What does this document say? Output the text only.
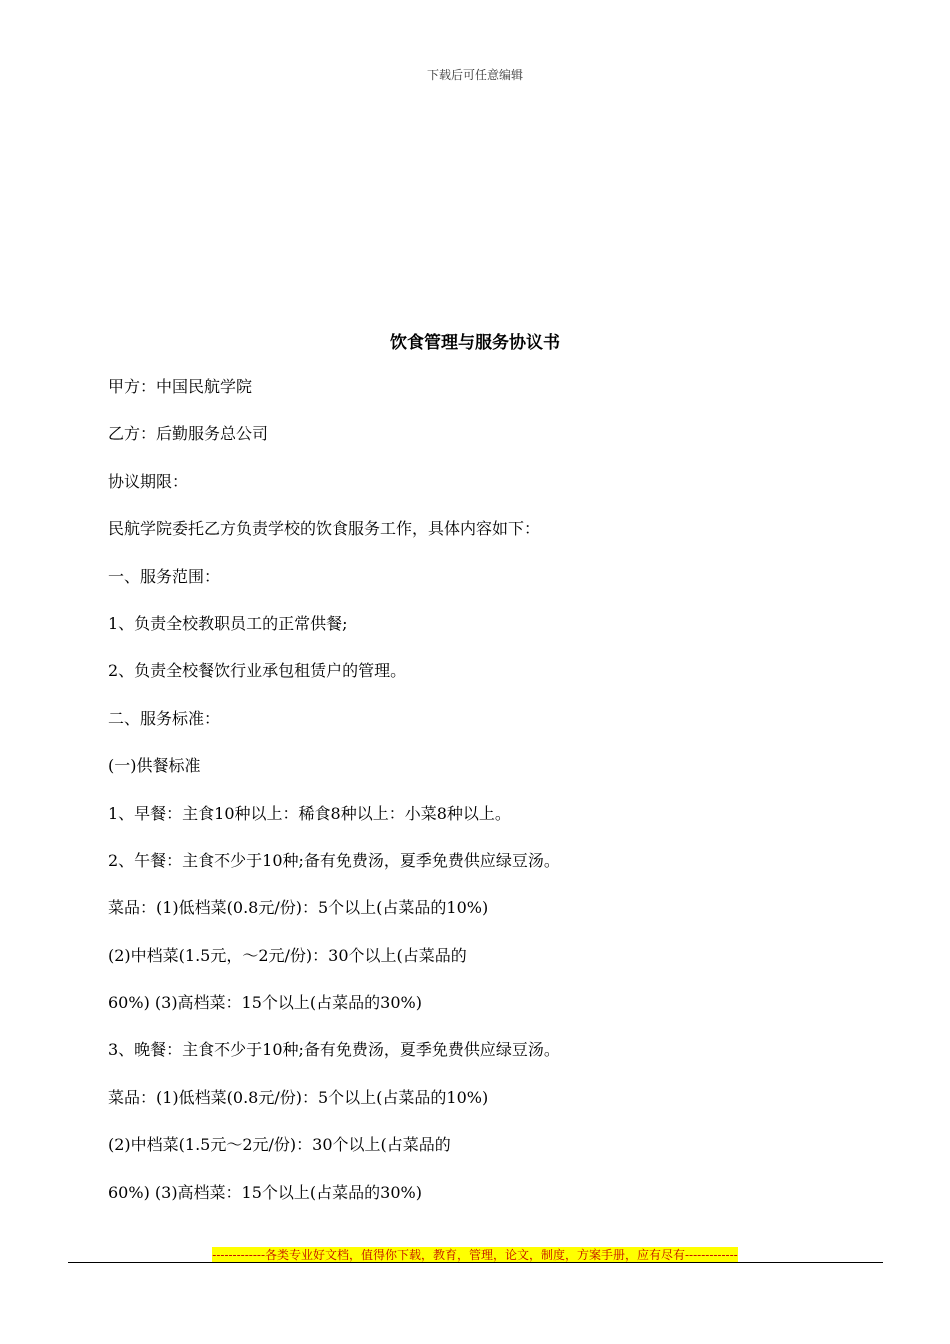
下载后可任意编辑
饮食管理与服务协议书
甲方：中国民航学院
乙方：后勤服务总公司
协议期限：
民航学院委托乙方负责学校的饮食服务工作，具体内容如下：
一、服务范围：
1、负责全校教职员工的正常供餐;
2、负责全校餐饮行业承包租赁户的管理。
二、服务标准：
(一)供餐标准
1、早餐：主食10种以上：稀食8种以上：小菜8种以上。
2、午餐：主食不少于10种;备有免费汤，夏季免费供应绿豆汤。
菜品：(1)低档菜(0.8元/份)：5个以上(占菜品的10%)
(2)中档菜(1.5元，～2元/份)：30个以上(占菜品的
60%) (3)高档菜：15个以上(占菜品的30%)
3、晚餐：主食不少于10种;备有免费汤，夏季免费供应绿豆汤。
菜品：(1)低档菜(0.8元/份)：5个以上(占菜品的10%)
(2)中档菜(1.5元～2元/份)：30个以上(占菜品的
60%) (3)高档菜：15个以上(占菜品的30%)
-------------各类专业好文档，值得你下载，教育，管理，论文，制度，方案手册，应有尽有-------------
